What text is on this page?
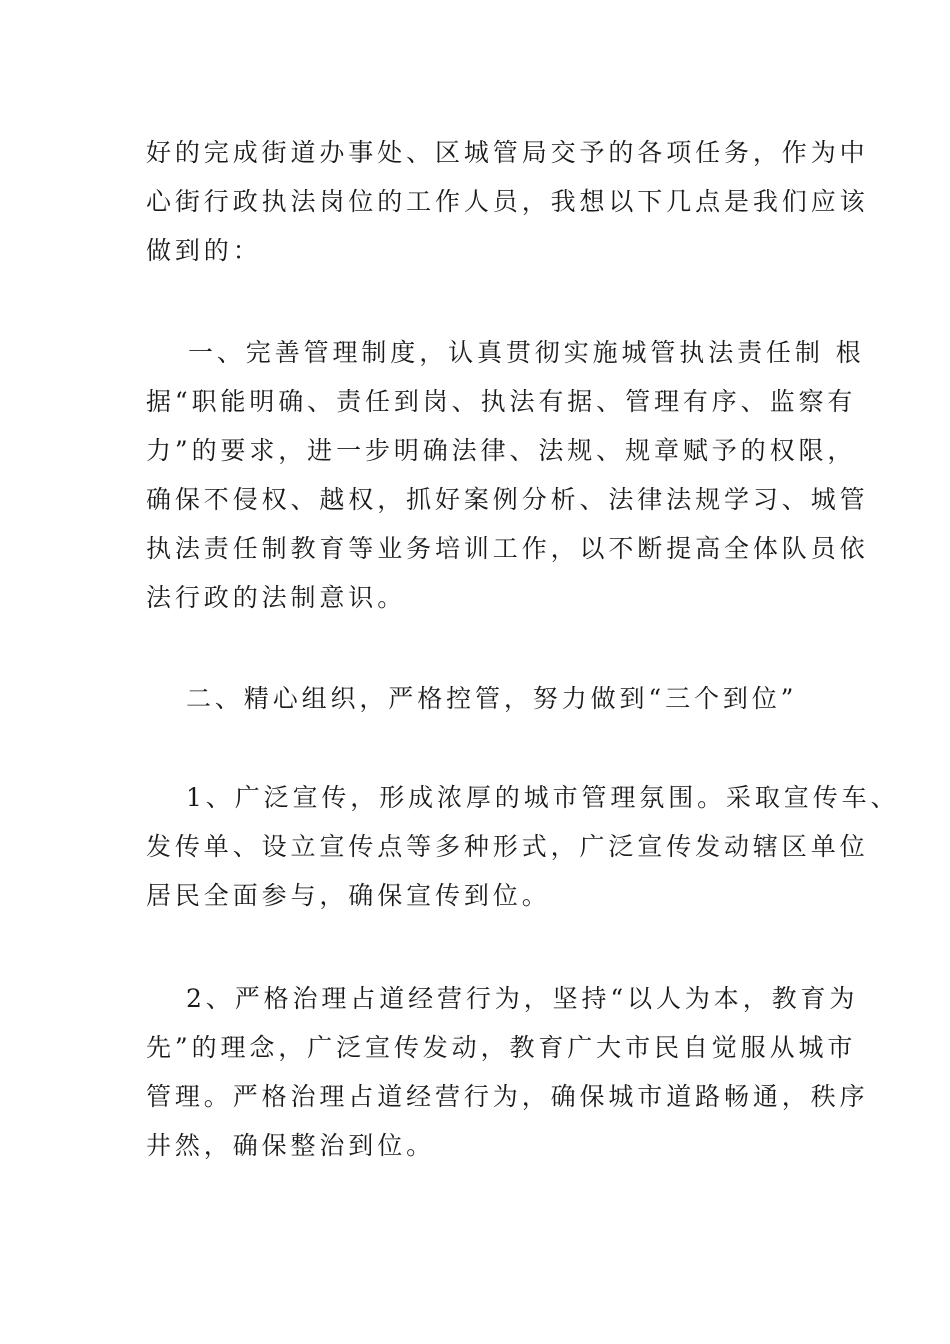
好的完成街道办事处、区城管局交予的各项任务，作为中
心街行政执法岗位的工作人员，我想以下几点是我们应该
做到的：
一、完善管理制度，认真贯彻实施城管执法责任制 根
据“职能明确、责任到岗、执法有据、管理有序、监察有
力”的要求，进一步明确法律、法规、规章赋予的权限，
确保不侵权、越权，抓好案例分析、法律法规学习、城管
执法责任制教育等业务培训工作，以不断提高全体队员依
法行政的法制意识。
二、精心组织，严格控管，努力做到“三个到位”
1、广泛宣传，形成浓厚的城市管理氛围。采取宣传车、
发传单、设立宣传点等多种形式，广泛宣传发动辖区单位
居民全面参与，确保宣传到位。
2、严格治理占道经营行为，坚持“以人为本，教育为
先”的理念，广泛宣传发动，教育广大市民自觉服从城市
管理。严格治理占道经营行为，确保城市道路畅通，秩序
井然，确保整治到位。
